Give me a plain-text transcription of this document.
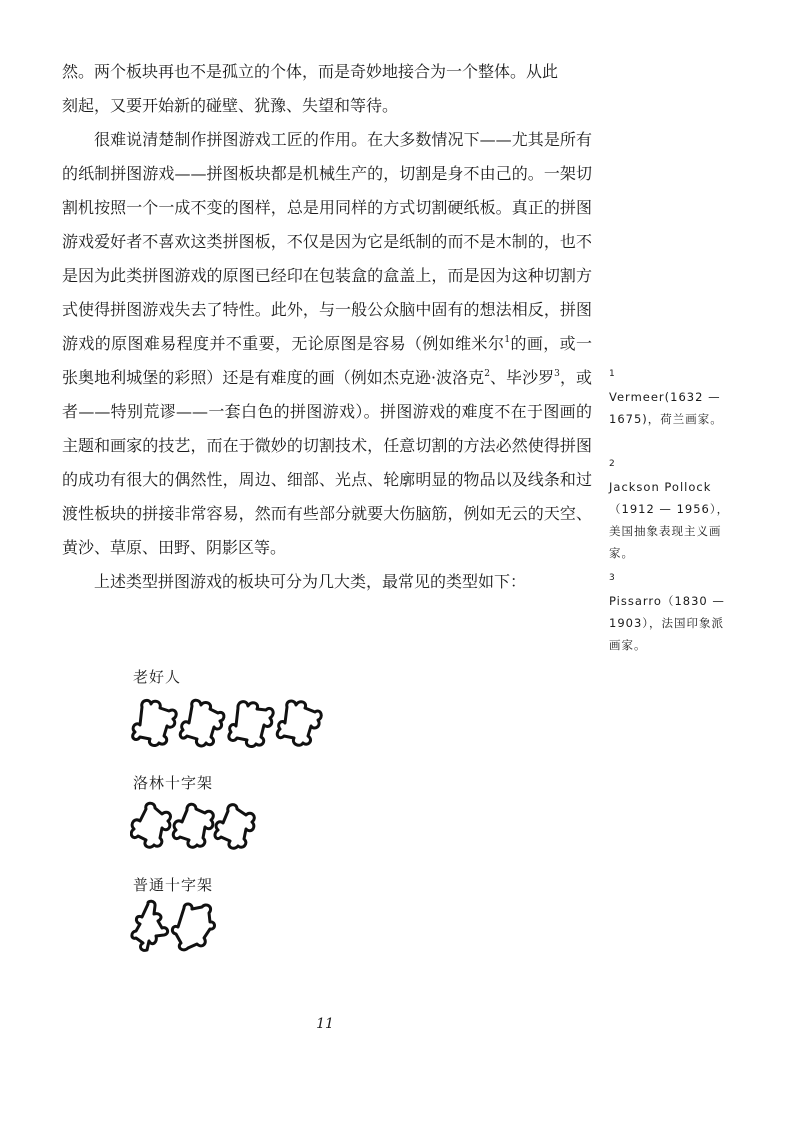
然。两个板块再也不是孤立的个体，而是奇妙地接合为一个整体。从此
刻起，又要开始新的碰壁、犹豫、失望和等待。

很难说清楚制作拼图游戏工匠的作用。在大多数情况下——尤其是所有的纸制拼图游戏——拼图板块都是机械生产的，切割是身不由己的。一架切割机按照一个一成不变的图样，总是用同样的方式切割硬纸板。真正的拼图游戏爱好者不喜欢这类拼图板，不仅是因为它是纸制的而不是木制的，也不是因为此类拼图游戏的原图已经印在包装盒的盒盖上，而是因为这种切割方式使得拼图游戏失去了特性。此外，与一般公众脑中固有的想法相反，拼图游戏的原图难易程度并不重要，无论原图是容易（例如维米尔$^1$的画，或一张奥地利城堡的彩照）还是有难度的画（例如杰克逊·波洛克$^2$、毕沙罗$^3$，或者——特别荒谬——一套白色的拼图游戏）。拼图游戏的难度不在于图画的主题和画家的技艺，而在于微妙的切割技术，任意切割的方法必然使得拼图的成功有很大的偶然性，周边、细部、光点、轮廓明显的物品以及线条和过渡性板块的拼接非常容易，然而有些部分就要大伤脑筋，例如无云的天空、黄沙、草原、田野、阴影区等。

上述类型拼图游戏的板块可分为几大类，最常见的类型如下：

1
Vermeer(1632 — 1675)，荷兰画家。
2
Jackson Pollock（1912 — 1956），美国抽象表现主义画家。
3
Pissarro（1830 — 1903），法国印象派画家。
老好人
洛林十字架
普通十字架
11
